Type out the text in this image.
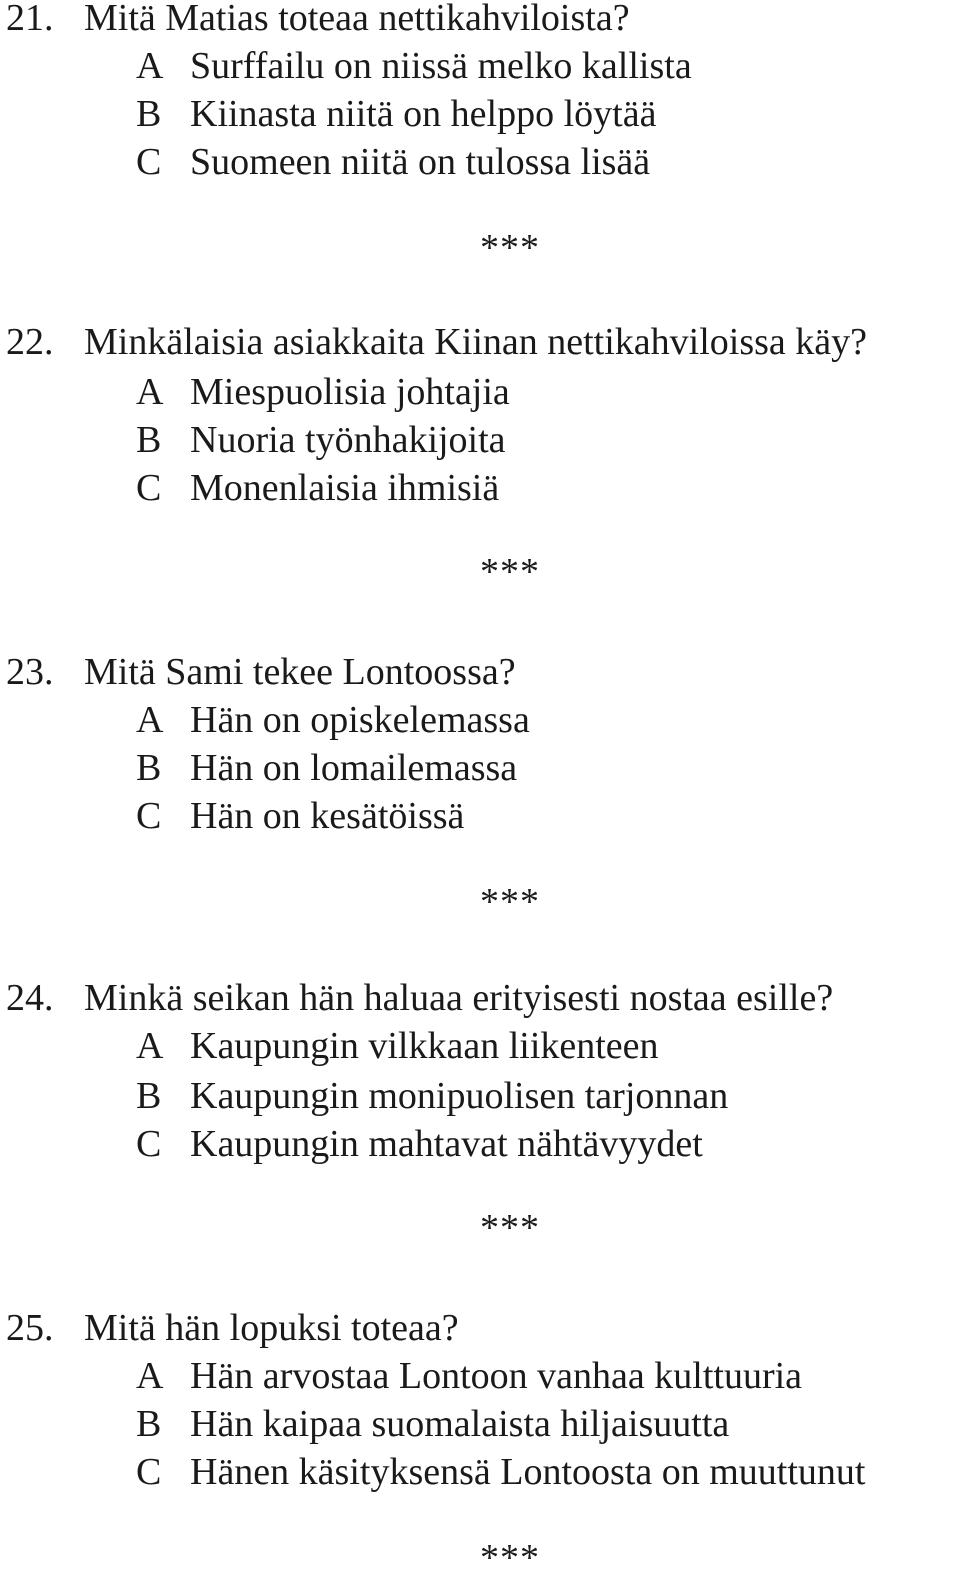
21. Mitä Matias toteaa nettikahviloista?
A Surffailu on niissä melko kallista
B Kiinasta niitä on helppo löytää
C Suomeen niitä on tulossa lisää
***
22. Minkälaisia asiakkaita Kiinan nettikahviloissa käy?
A Miespuolisia johtajia
B Nuoria työnhakijoita
C Monenlaisia ihmisiä
***
23. Mitä Sami tekee Lontoossa?
A Hän on opiskelemassa
B Hän on lomailemassa
C Hän on kesätöissä
***
24. Minkä seikan hän haluaa erityisesti nostaa esille?
A Kaupungin vilkkaan liikenteen
B Kaupungin monipuolisen tarjonnan
C Kaupungin mahtavat nähtävyydet
***
25. Mitä hän lopuksi toteaa?
A Hän arvostaa Lontoon vanhaa kulttuuria
B Hän kaipaa suomalaista hiljaisuutta
C Hänen käsityksensä Lontoosta on muuttunut
***
